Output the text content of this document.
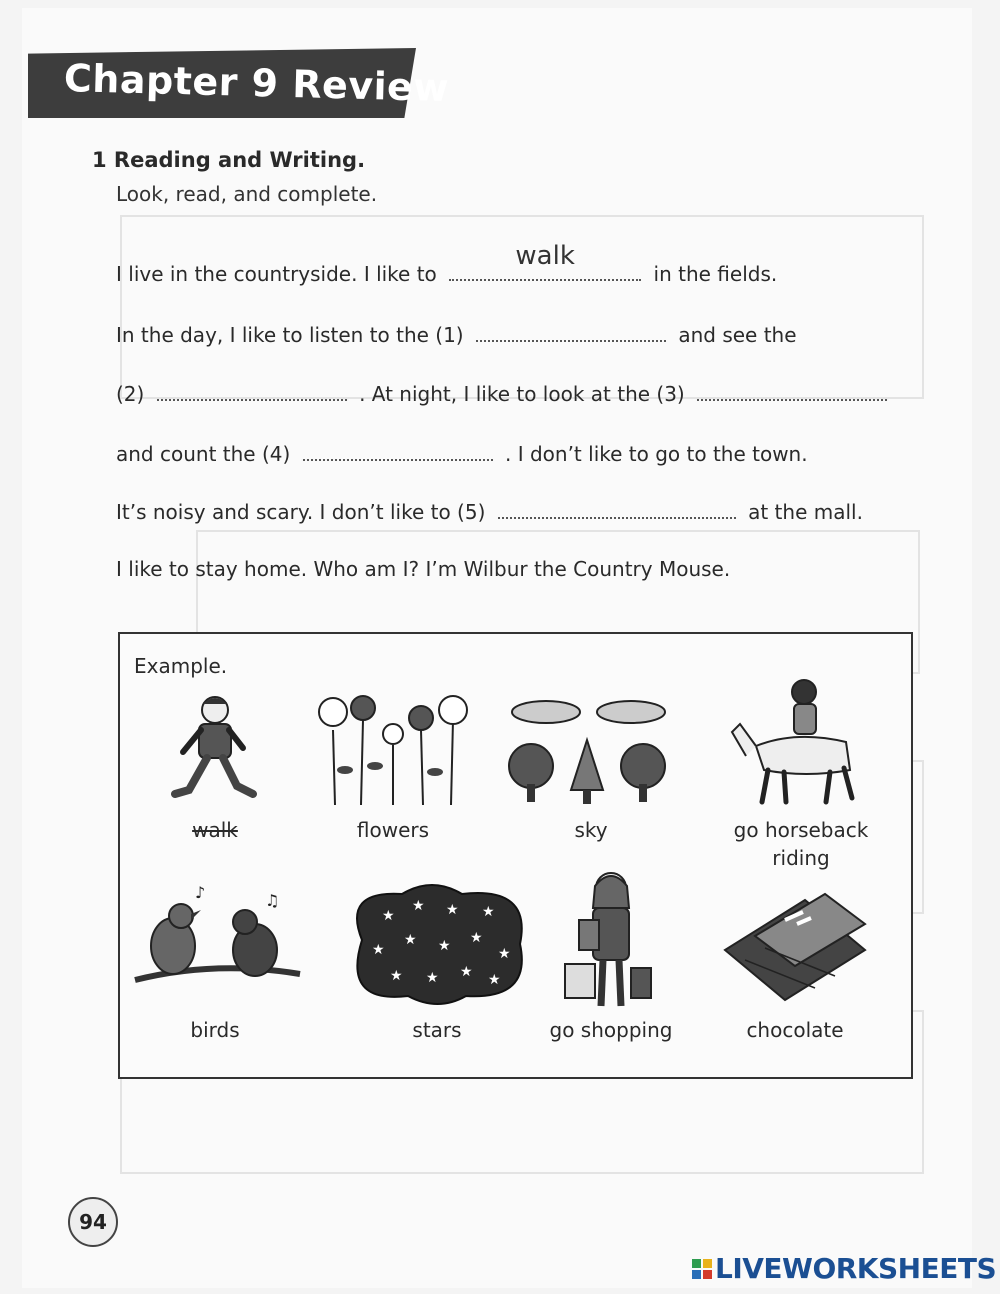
Chapter 9 Review
1 Reading and Writing.
Look, read, and complete.
I live in the countryside. I like to
walk
in the fields.
In the day, I like to listen to the (1)	and see the
(2)	. At night, I like to look at the (3)
and count the (4)	. I don’t like to go to the town.
It’s noisy and scary. I don’t like to (5)	at the mall.
I like to stay home. Who am I? I’m Wilbur the Country Mouse.
Example.
walk	flowers	sky	go horseback
riding
♪	♫
birds
★
★ ★ ★
★
★ ★ ★
★
★ ★ ★ ★
stars	go shopping	chocolate
94
LIVEWORKSHEETS
